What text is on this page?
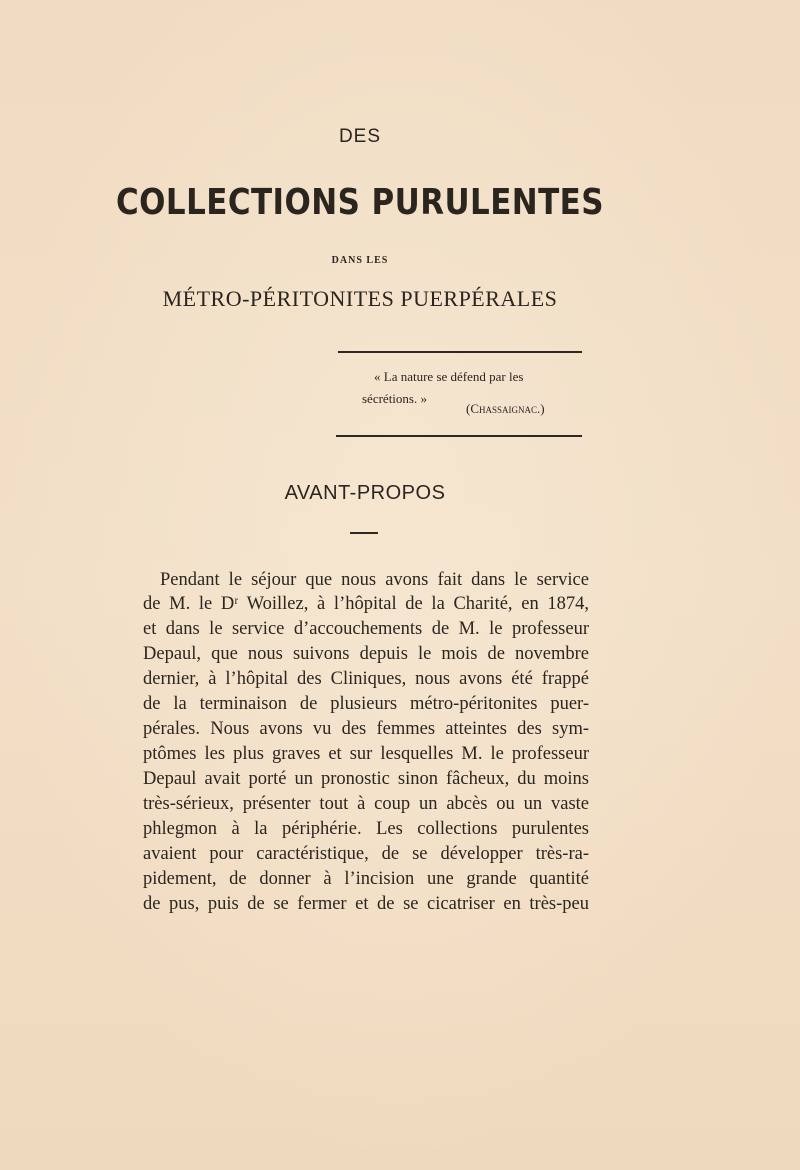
DES
COLLECTIONS PURULENTES
DANS LES
MÉTRO-PÉRITONITES PUERPÉRALES
« La nature se défend par les
sécrétions. »
(Chassaignac.)
AVANT-PROPOS
Pendant le séjour que nous avons fait dans le service
de M. le Dʳ Woillez, à l’hôpital de la Charité, en 1874,
et dans le service d’accouchements de M. le professeur
Depaul, que nous suivons depuis le mois de novembre
dernier, à l’hôpital des Cliniques, nous avons été frappé
de la terminaison de plusieurs métro-péritonites puer-
pérales. Nous avons vu des femmes atteintes des sym-
ptômes les plus graves et sur lesquelles M. le professeur
Depaul avait porté un pronostic sinon fâcheux, du moins
très-sérieux, présenter tout à coup un abcès ou un vaste
phlegmon à la périphérie. Les collections purulentes
avaient pour caractéristique, de se développer très-ra-
pidement, de donner à l’incision une grande quantité
de pus, puis de se fermer et de se cicatriser en très-peu
